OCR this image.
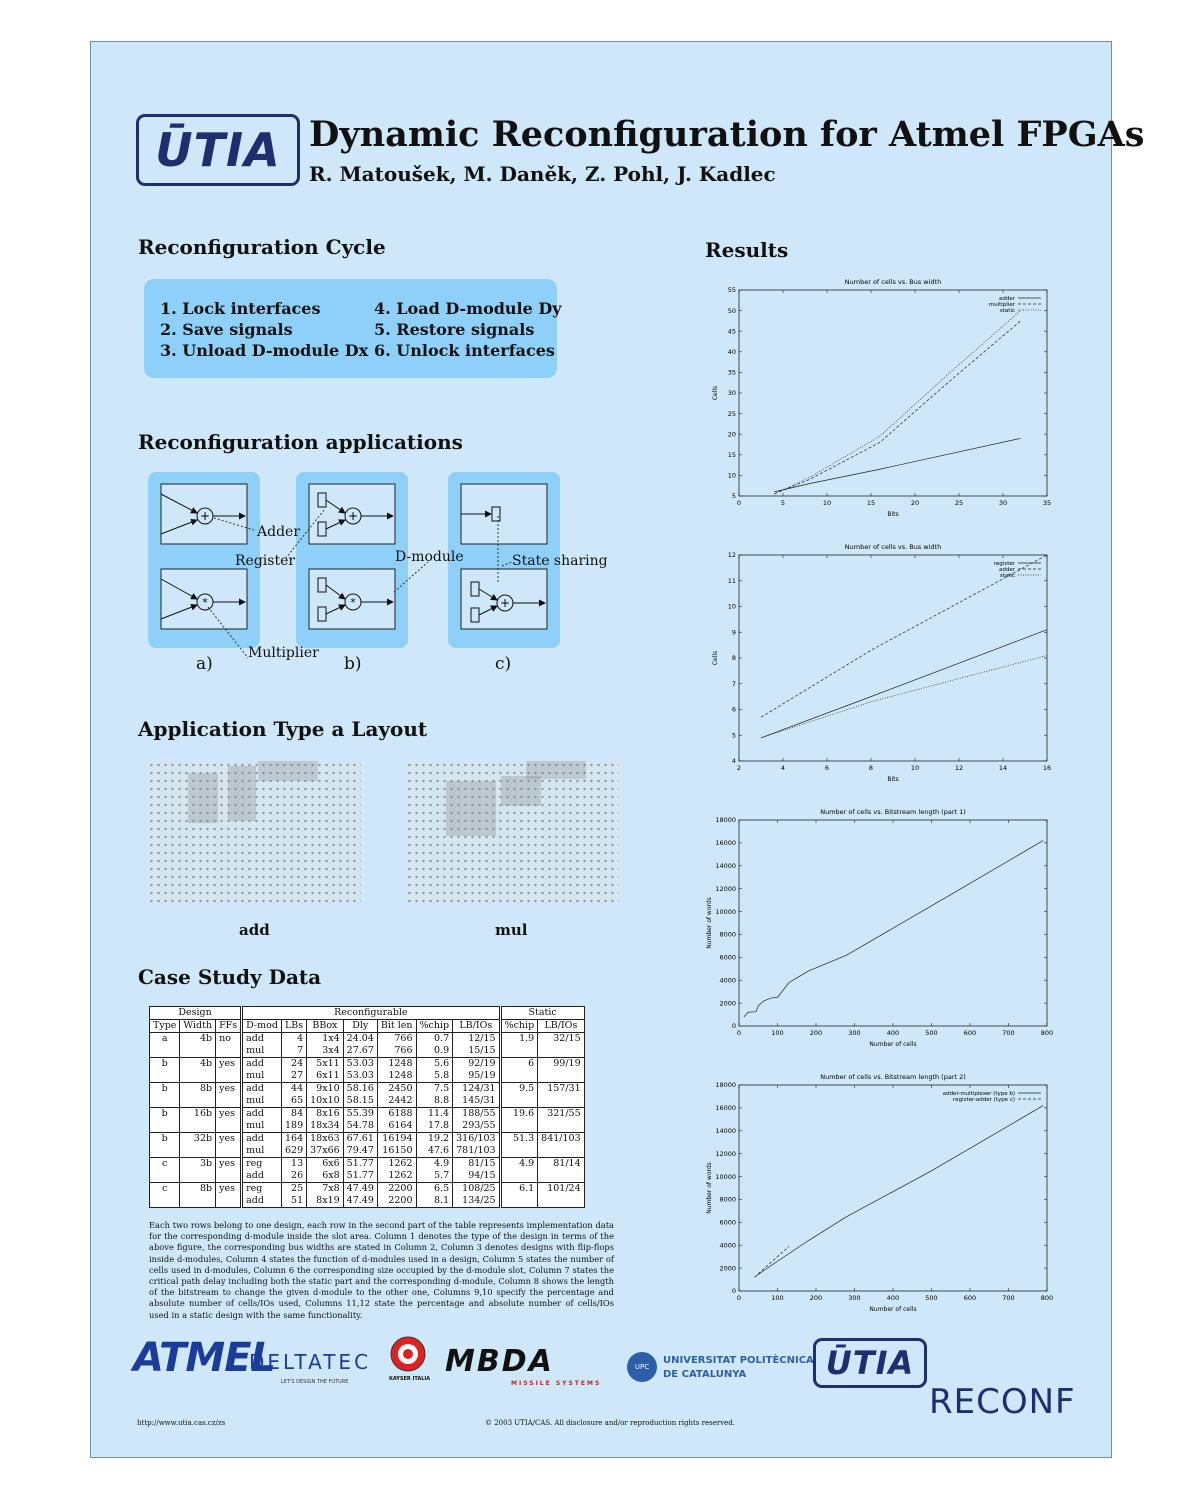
ŪTIA Dynamic Reconfiguration for Atmel FPGAs
R. Matoušek, M. Daněk, Z. Pohl, J. Kadlec
Reconfiguration Cycle
1. Lock interfaces
2. Save signals
3. Unload D-module Dx
4. Load D-module Dy
5. Restore signals
6. Unlock interfaces
Reconfiguration applications
+
*
+
*	+
Adder
Register	D-module	State sharing
Multiplier
a)	b)	c)
Application Type a Layout
add	mul
Case Study Data
Design			Reconfigurable							Static	
Type	Width	FFs	D-mod	LBs	BBox	Dly	Bit len	%chip	LB/IOs	%chip	LB/IOs
a	4b	no	add	4	1x4	24.04	766	0.7	12/15	1.9	32/15
			mul	7	3x4	27.67	766	0.9	15/15		
b	4b	yes	add	24	5x11	53.03	1248	5.6	92/19	6	99/19
			mul	27	6x11	53.03	1248	5.8	95/19		
b	8b	yes	add	44	9x10	58.16	2450	7.5	124/31	9.5	157/31
			mul	65	10x10	58.15	2442	8.8	145/31		
b	16b	yes	add	84	8x16	55.39	6188	11.4	188/55	19.6	321/55
			mul	189	18x34	54.78	6164	17.8	293/55		
b	32b	yes	add	164	18x63	67.61	16194	19.2	316/103	51.3	841/103
			mul	629	37x66	79.47	16150	47.6	781/103		
c	3b	yes	reg	13	6x6	51.77	1262	4.9	81/15	4.9	81/14
			add	26	6x8	51.77	1262	5.7	94/15		
c	8b	yes	reg	25	7x8	47.49	2200	6.5	108/25	6.1	101/24
			add	51	8x19	47.49	2200	8.1	134/25		
Each two rows belong to one design, each row in the second part of the table represents implementation data for the corresponding d-module inside the slot area. Column 1 denotes the type of the design in terms of the above figure, the corresponding bus widths are stated in Column 2, Column 3 denotes designs with flip-flops inside d-modules, Column 4 states the function of d-modules used in a design, Column 5 states the number of cells used in d-modules, Column 6 the corresponding size occupied by the d-module slot, Column 7 states the critical path delay including both the static part and the corresponding d-module, Column 8 shows the length of the bitstream to change the given d-module to the other one, Columns 9,10 specify the percentage and absolute number of cells/IOs used, Columns 11,12 state the percentage and absolute number of cells/IOs used in a static design with the same functionality.
Results
Number of cells vs. Bus width
0	5	10	15	20	25	30	35
5
10
15
20
25
30
35
40
45
50
55
Bits
Cells
adder
multiplier
static
Number of cells vs. Bus width
2	4	6	8	10	12	14	16
4
5
6
7
8
9
10
11
12
Bits
Cells
register
adder
static
Number of cells vs. Bitstream length (part 1)
0	100	200	300	400	500	600	700	800
0
2000
4000
6000
8000
10000
12000
14000
16000
18000
Number of cells
Number of words
Number of cells vs. Bitstream length (part 2)
0	100	200	300	400	500	600	700	800
0
2000
4000
6000
8000
10000
12000
14000
16000
18000
Number of cells
Number of words
adder-multiplexer (type b)
register-adder (type c)
ATMEL
DELTATEC
LET'S DESIGN THE FUTURE	KAYSER ITALIA MBDA
MISSILE SYSTEMS
UPC
UNIVERSITAT POLITÈCNICA
DE CATALUNYA	ŪTIA
RECONF
http://www.utia.cas.cz/zs	© 2003 UTIA/CAS. All disclosure and/or reproduction rights reserved.
